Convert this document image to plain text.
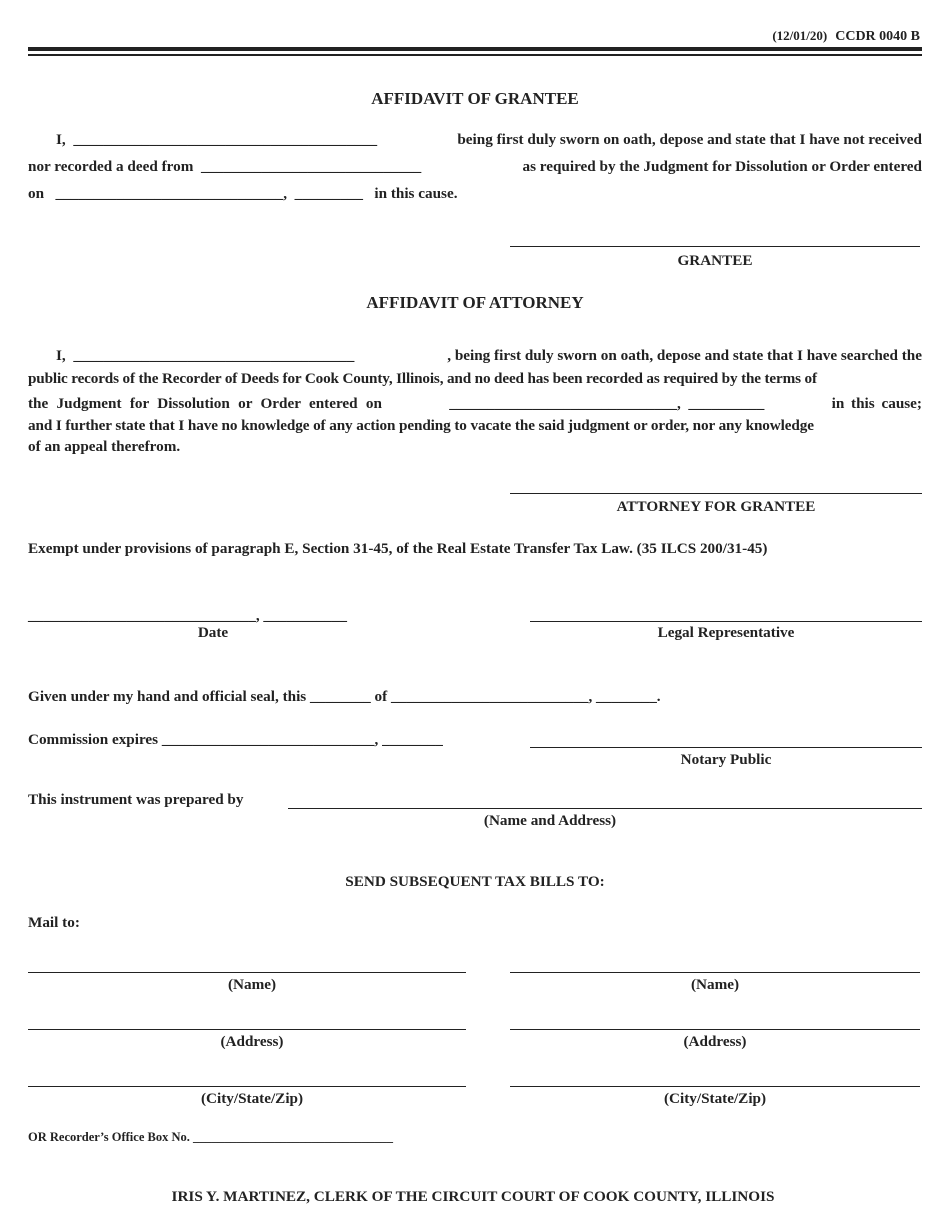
(12/01/20) CCDR 0040 B
AFFIDAVIT OF GRANTEE
I, ________________________________________	being first duly sworn on oath, depose and state that I have not received
nor recorded a deed from _____________________________	as required by the Judgment for Dissolution or Order entered
on ______________________________, _________ in this cause.
GRANTEE
AFFIDAVIT OF ATTORNEY
I, _____________________________________	, being first duly sworn on oath, depose and state that I have searched the
public records of the Recorder of Deeds for Cook County, Illinois, and no deed has been recorded as required by the terms of
the Judgment for Dissolution or Order entered on	______________________________, __________	in this cause;
and I further state that I have no knowledge of any action pending to vacate the said judgment or order, nor any knowledge
of an appeal therefrom.
ATTORNEY FOR GRANTEE
Exempt under provisions of paragraph E, Section 31-45, of the Real Estate Transfer Tax Law. (35 ILCS 200/31-45)
______________________________, ___________
Date	Legal Representative
Given under my hand and official seal, this ________ of __________________________, ________.
Commission expires ____________________________, ________
Notary Public
This instrument was prepared by
(Name and Address)
SEND SUBSEQUENT TAX BILLS TO:
Mail to:
(Name)	(Name)
(Address)	(Address)
(City/State/Zip)	(City/State/Zip)
OR Recorder’s Office Box No. ________________________________
IRIS Y. MARTINEZ, CLERK OF THE CIRCUIT COURT OF COOK COUNTY, ILLINOIS
